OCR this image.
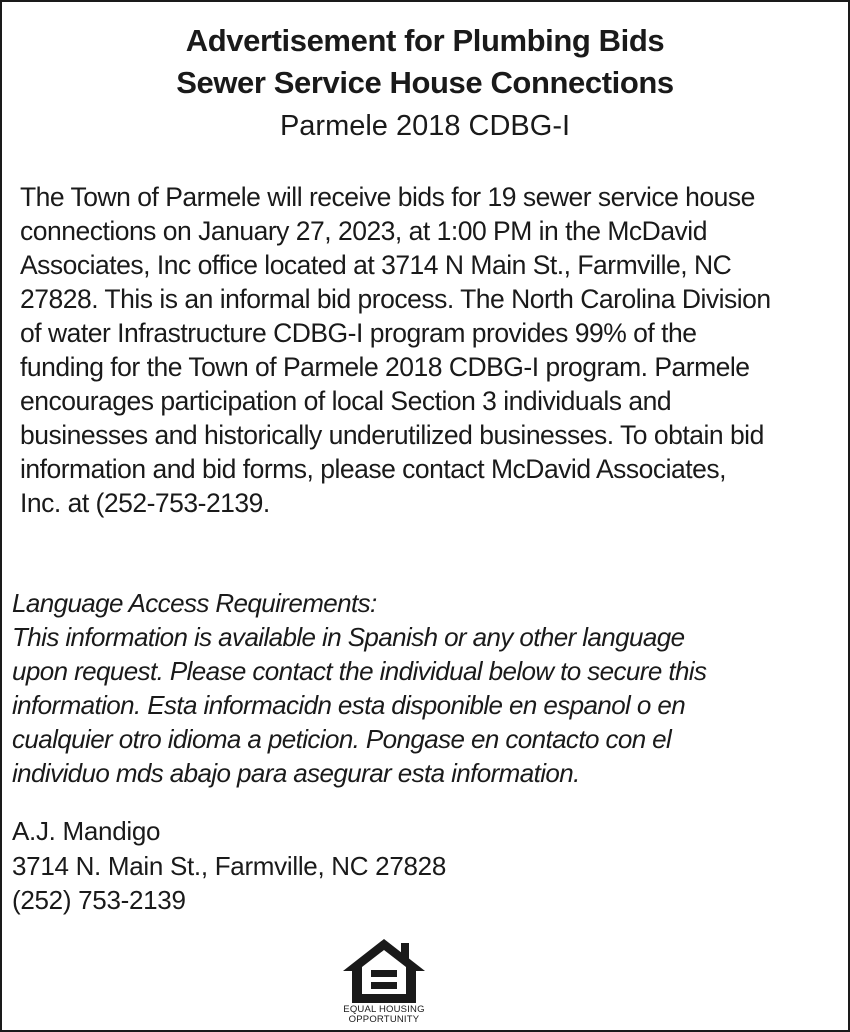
Advertisement for Plumbing Bids
Sewer Service House Connections
Parmele 2018 CDBG-I

The Town of Parmele will receive bids for 19 sewer service house
connections on January 27, 2023, at 1:00 PM in the McDavid
Associates, Inc office located at 3714 N Main St., Farmville, NC
27828. This is an informal bid process. The North Carolina Division
of water Infrastructure CDBG-I program provides 99% of the
funding for the Town of Parmele 2018 CDBG-I program. Parmele
encourages participation of local Section 3 individuals and
businesses and historically underutilized businesses. To obtain bid
information and bid forms, please contact McDavid Associates,
Inc. at (252-753-2139.

Language Access Requirements:
This information is available in Spanish or any other language
upon request. Please contact the individual below to secure this
information. Esta informacidn esta disponible en espanol o en
cualquier otro idioma a peticion. Pongase en contacto con el
individuo mds abajo para asegurar esta information.

A.J. Mandigo
3714 N. Main St., Farmville, NC 27828
(252) 753-2139

EQUAL HOUSING
OPPORTUNITY
